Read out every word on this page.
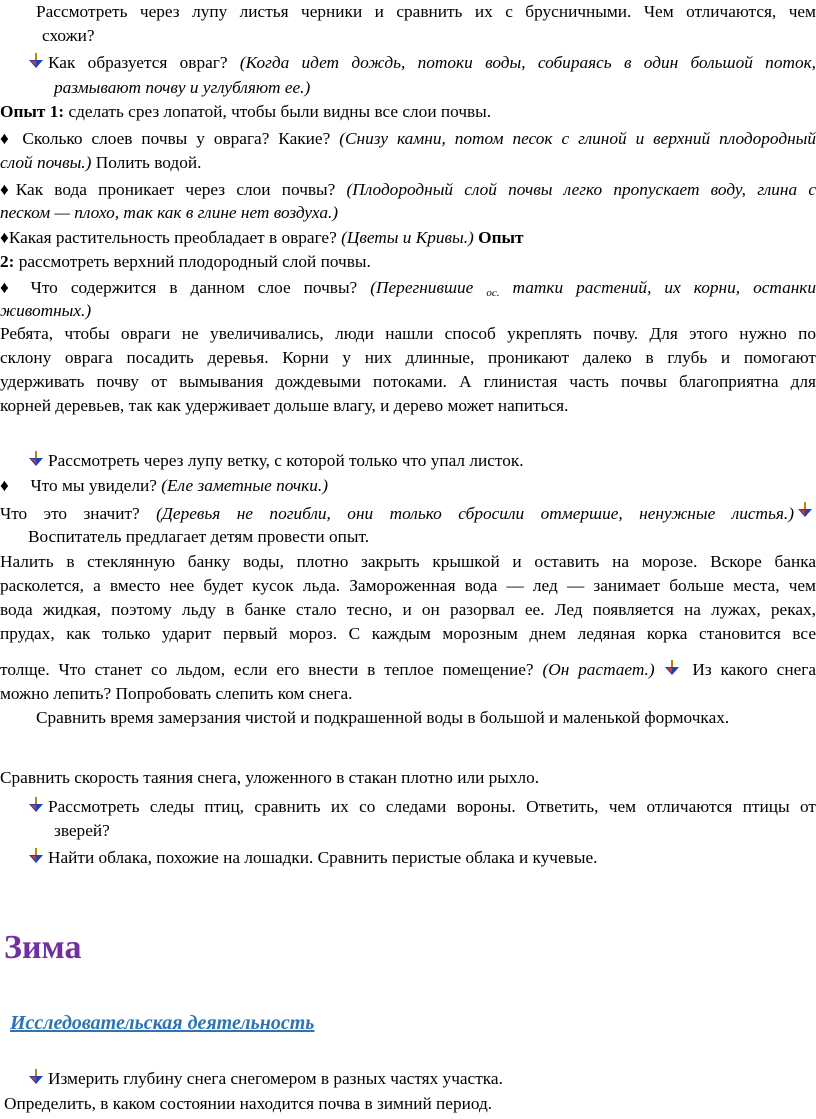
Рассмотреть через лупу листья черники и сравнить их с брусничными. Чем отличаются, чем
схожи?
Как образуется овраг? (Когда идет дождь, потоки воды, собираясь в один большой поток,
размывают почву и углубляют ее.)
Опыт 1: сделать срез лопатой, чтобы были видны все слои почвы.
♦ Сколько слоев почвы у оврага? Какие? (Снизу камни, потом песок с глиной и верхний плодородный
слой почвы.) Полить водой.
♦Как вода проникает через слои почвы? (Плодородный слой почвы легко пропускает воду, глина с
песком — плохо, так как в глине нет воздуха.)
♦Какая растительность преобладает в овраге? (Цветы и Кривы.) Опыт
2: рассмотреть верхний плодородный слой почвы.
♦ Что содержится в данном слое почвы? (Перегнившие $_{ос.}$ татки растений, их корни, останки
животных.)
Ребята, чтобы овраги не увеличивались, люди нашли способ укреплять почву. Для этого нужно по
склону оврага посадить деревья. Корни у них длинные, проникают далеко в глубь и помогают
удерживать почву от вымывания дождевыми потоками. А глинистая часть почвы благоприятна для
корней деревьев, так как удерживает дольше влагу, и дерево может напиться.
Рассмотреть через лупу ветку, с которой только что упал листок.
♦ Что мы увидели? (Еле заметные почки.)
Что это значит? (Деревья не погибли, они только сбросили отмершие, ненужные листья.)
Воспитатель предлагает детям провести опыт.
Налить в стеклянную банку воды, плотно закрыть крышкой и оставить на морозе. Вскоре банка
расколется, а вместо нее будет кусок льда. Замороженная вода — лед — занимает больше места, чем
вода жидкая, поэтому льду в банке стало тесно, и он разорвал ее. Лед появляется на лужах, реках,
прудах, как только ударит первый мороз. С каждым морозным днем ледяная корка становится все
толще. Что станет со льдом, если его внести в теплое помещение? (Он растает.) Из какого снега
можно лепить? Попробовать слепить ком снега.
Сравнить время замерзания чистой и подкрашенной воды в большой и маленькой формочках.
Сравнить скорость таяния снега, уложенного в стакан плотно или рыхло.
Рассмотреть следы птиц, сравнить их со следами вороны. Ответить, чем отличаются птицы от
зверей?
Найти облака, похожие на лошадки. Сравнить перистые облака и кучевые.
Зима
Исследовательская деятельность
Измерить глубину снега снегомером в разных частях участка.
Определить, в каком состоянии находится почва в зимний период.
